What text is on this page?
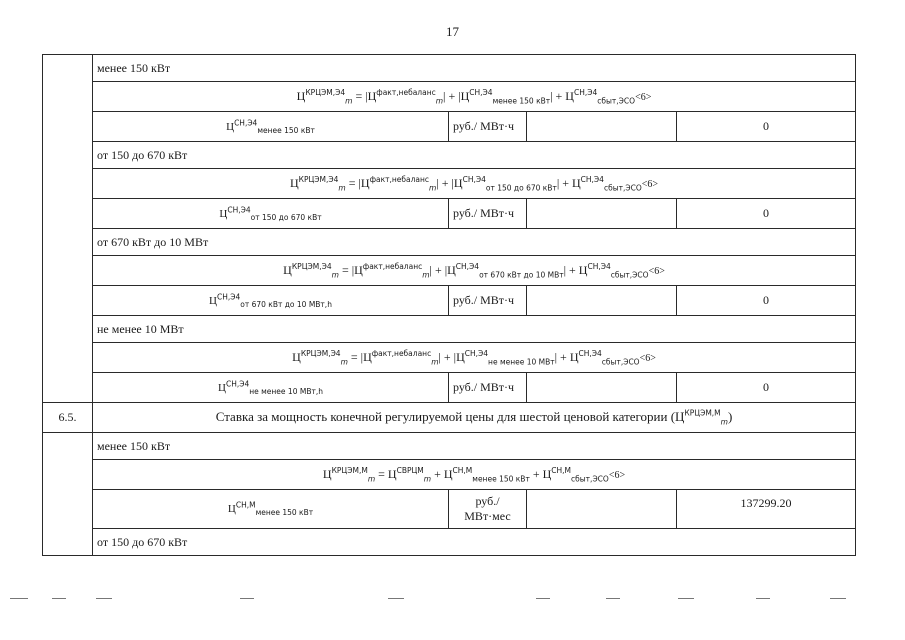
17
	менее 150 кВт			
	$Ц^{КРЦЭМ,Э4}_m = |Ц^{факт,небаланс}_m| + |Ц^{СН,Э4}_{менее 150 кВт}| + Ц^{СН,Э4}_{сбыт,ЭСО}<6>$			
	$Ц^{СН,Э4}_{менее 150 кВт}$	руб./ МВт·ч		0
	от 150 до 670 кВт			
	$Ц^{КРЦЭМ,Э4}_m = |Ц^{факт,небаланс}_m| + |Ц^{СН,Э4}_{от 150 до 670 кВт}| + Ц^{СН,Э4}_{сбыт,ЭСО}<6>$			
	$Ц^{СН,Э4}_{от 150 до 670 кВт}$	руб./ МВт·ч		0
	от 670 кВт до 10 МВт			
	$Ц^{КРЦЭМ,Э4}_m = |Ц^{факт,небаланс}_m| + |Ц^{СН,Э4}_{от 670 кВт до 10 МВт}| + Ц^{СН,Э4}_{сбыт,ЭСО}<6>$			
	$Ц^{СН,Э4}_{от 670 кВт до 10 МВт,h}$	руб./ МВт·ч		0
	не менее 10 МВт			
	$Ц^{КРЦЭМ,Э4}_m = |Ц^{факт,небаланс}_m| + |Ц^{СН,Э4}_{не менее 10 МВт}| + Ц^{СН,Э4}_{сбыт,ЭСО}<6>$			
	$Ц^{СН,Э4}_{не менее 10 МВт,h}$	руб./ МВт·ч		0
6.5.	Ставка за мощность конечной регулируемой цены для шестой ценовой категории $(Ц^{КРЦЭМ,М}_m)$			
	менее 150 кВт			
	$Ц^{КРЦЭМ,М}_m = Ц^{СВРЦМ}_m + Ц^{СН,М}_{менее 150 кВт} + Ц^{СН,М}_{сбыт,ЭСО}<6>$			
	$Ц^{СН,М}_{менее 150 кВт}$	руб./
МВт·мес		137299.20
	от 150 до 670 кВт			
